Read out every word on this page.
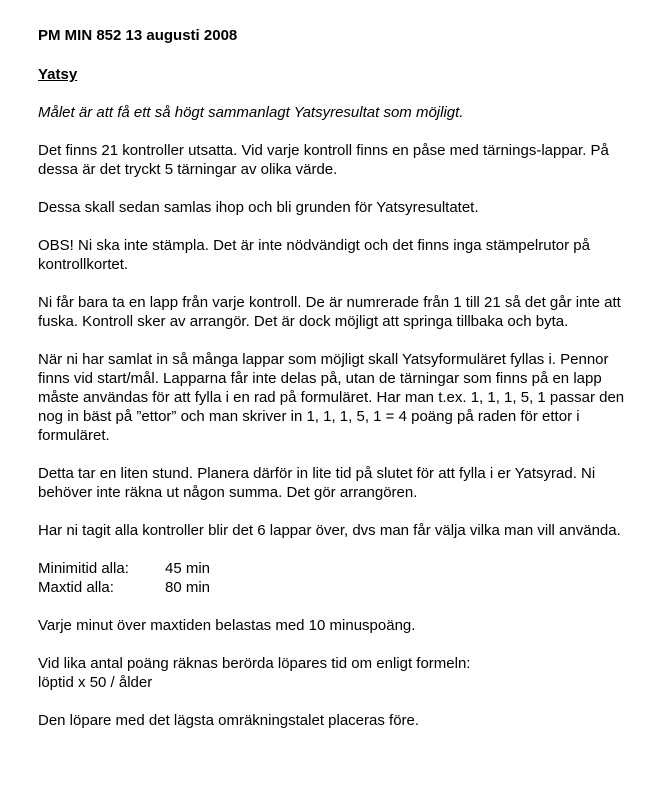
PM MIN 852 13 augusti 2008
Yatsy
Målet är att få ett så högt sammanlagt Yatsyresultat som möjligt.

Det finns 21 kontroller utsatta. Vid varje kontroll finns en påse med tärnings-lappar. På dessa är det tryckt 5 tärningar av olika värde.

Dessa skall sedan samlas ihop och bli grunden för Yatsyresultatet.

OBS! Ni ska inte stämpla. Det är inte nödvändigt och det finns inga stämpelrutor på kontrollkortet.

Ni får bara ta en lapp från varje kontroll. De är numrerade från 1 till 21 så det går inte att fuska. Kontroll sker av arrangör. Det är dock möjligt att springa tillbaka och byta.

När ni har samlat in så många lappar som möjligt skall Yatsyformuläret fyllas i. Pennor finns vid start/mål. Lapparna får inte delas på, utan de tärningar som finns på en lapp måste användas för att fylla i en rad på formuläret. Har man t.ex. 1, 1, 1, 5, 1 passar den nog in bäst på ”ettor” och man skriver in 1, 1, 1, 5, 1 = 4 poäng på raden för ettor i formuläret.

Detta tar en liten stund. Planera därför in lite tid på slutet för att fylla i er Yatsyrad. Ni behöver inte räkna ut någon summa. Det gör arrangören.

Har ni tagit alla kontroller blir det 6 lappar över, dvs man får välja vilka man vill använda.

Minimitid alla:	45 min
Maxtid alla:	80 min

Varje minut över maxtiden belastas med 10 minuspoäng.

Vid lika antal poäng räknas berörda löpares tid om enligt formeln:
löptid x 50 / ålder

Den löpare med det lägsta omräkningstalet placeras före.
